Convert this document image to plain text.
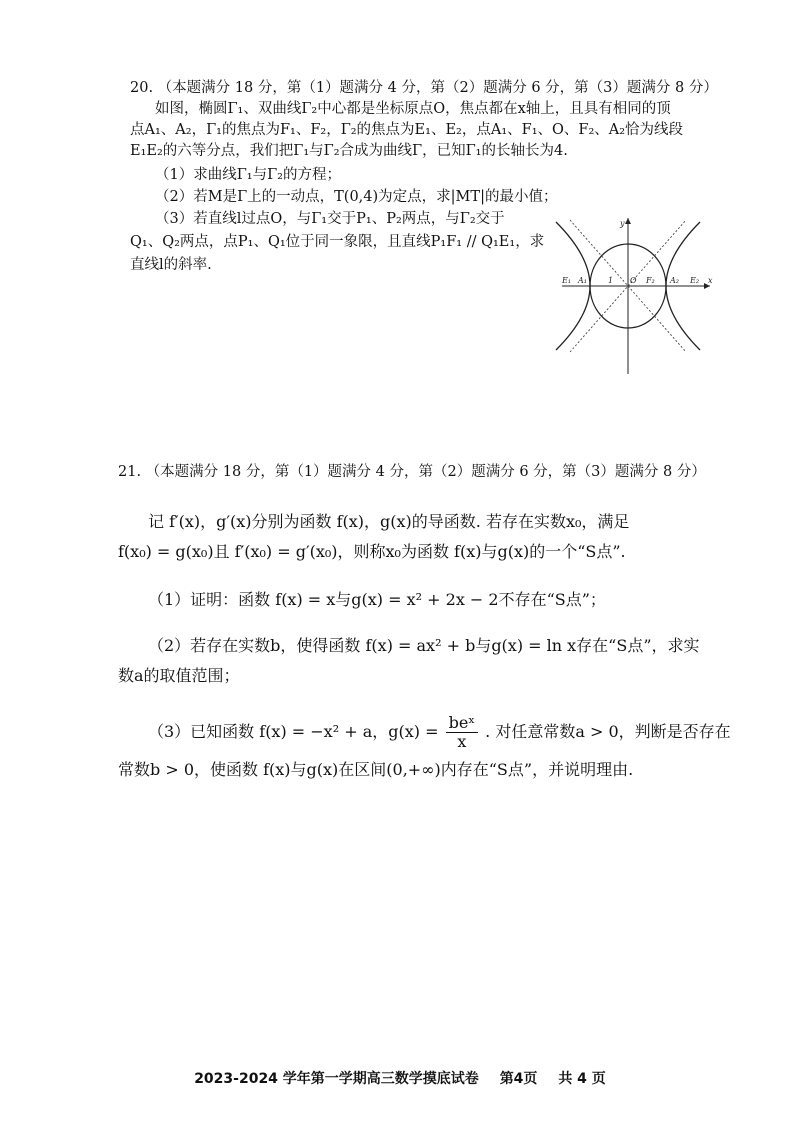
20. （本题满分 18 分，第（1）题满分 4 分，第（2）题满分 6 分，第（3）题满分 8 分）
如图，椭圆Γ₁、双曲线Γ₂中心都是坐标原点O，焦点都在x轴上，且具有相同的顶
点A₁、A₂，Γ₁的焦点为F₁、F₂，Γ₂的焦点为E₁、E₂，点A₁、F₁、O、F₂、A₂恰为线段
E₁E₂的六等分点，我们把Γ₁与Γ₂合成为曲线Γ，已知Γ₁的长轴长为4.
（1）求曲线Γ₁与Γ₂的方程；
（2）若M是Γ上的一动点，T(0,4)为定点，求|MT|的最小值；
（3）若直线l过点O，与Γ₁交于P₁、P₂两点，与Γ₂交于
Q₁、Q₂两点，点P₁、Q₁位于同一象限，且直线P₁F₁ // Q₁E₁，求
直线l的斜率.
y
x
E₁ A₁	1 O F₂ A₂ E₂
21. （本题满分 18 分，第（1）题满分 4 分，第（2）题满分 6 分，第（3）题满分 8 分）
记 f′(x)，g′(x)分别为函数 f(x)，g(x)的导函数. 若存在实数x₀，满足
f(x₀) = g(x₀)且 f′(x₀) = g′(x₀)，则称x₀为函数 f(x)与g(x)的一个“S点”.
（1）证明：函数 f(x) = x与g(x) = x² + 2x − 2不存在“S点”；
（2）若存在实数b，使得函数 f(x) = ax² + b与g(x) = ln x存在“S点”，求实
数a的取值范围；
（3）已知函数 f(x) = −x² + a，$g(x) = \frac{\text{beˣ}}{x}$ . 对任意常数a > 0，判断是否存在
常数b > 0，使函数 f(x)与g(x)在区间(0,+∞)内存在“S点”，并说明理由.
2023-2024 学年第一学期高三数学摸底试卷 第4页 共 4 页
